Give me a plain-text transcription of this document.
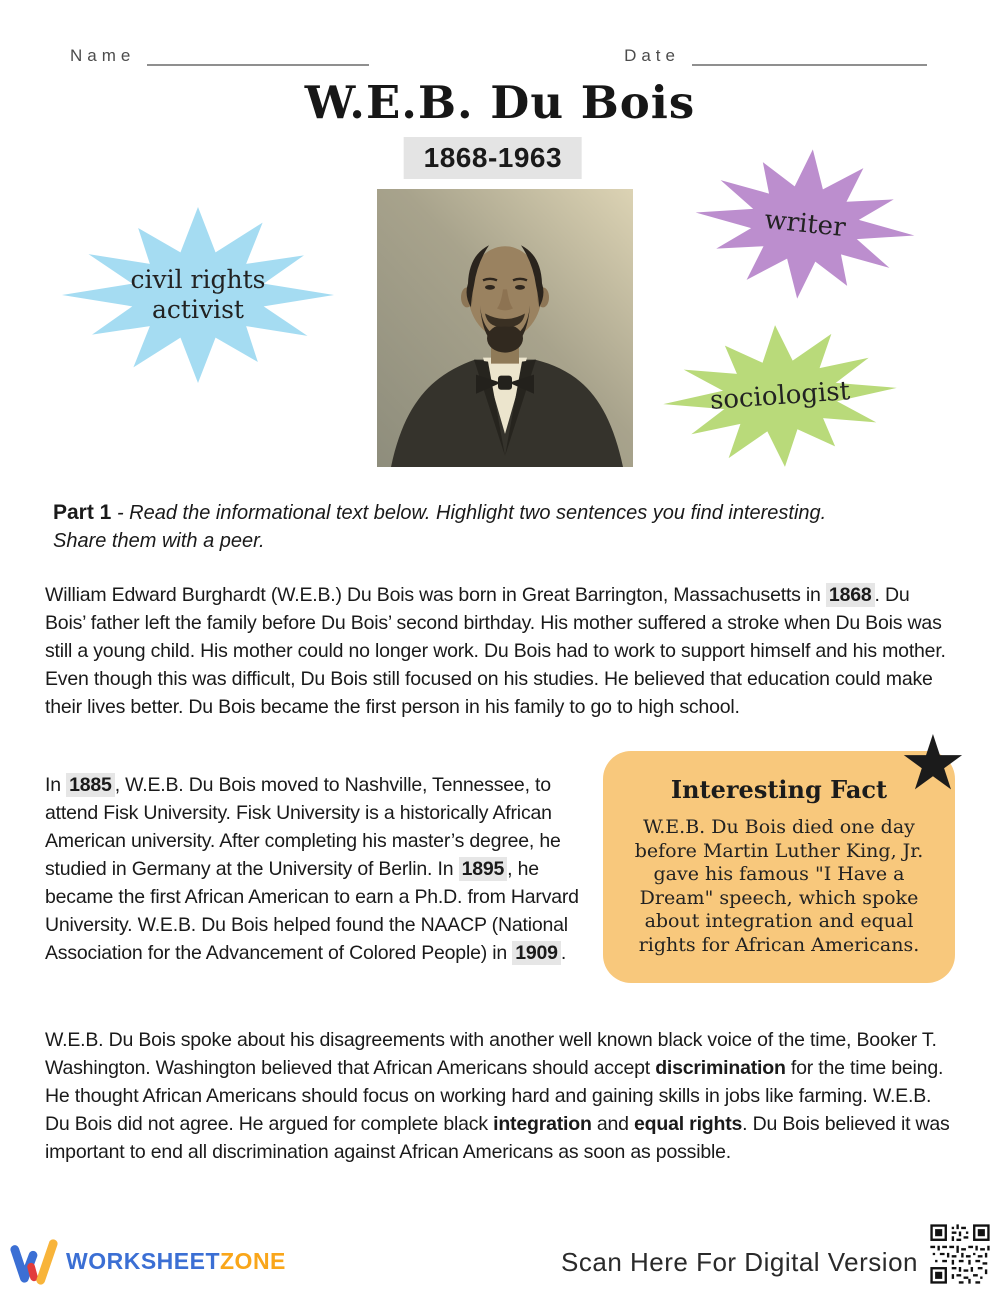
Name	Date
W.E.B. Du Bois
1868-1963
civil rights
activist
writer
sociologist
Part 1 - Read the informational text below. Highlight two sentences you find interesting.
Share them with a peer.

William Edward Burghardt (W.E.B.) Du Bois was born in Great Barrington, Massachusetts in 1868 . Du Bois’ father left the family before Du Bois’ second birthday. His mother suffered a stroke when Du Bois was still a young child. His mother could no longer work. Du Bois had to work to support himself and his mother. Even though this was difficult, Du Bois still focused on his studies. He believed that education could make their lives better. Du Bois became the first person in his family to go to high school.

In 1885 , W.E.B. Du Bois moved to Nashville, Tennessee, to attend Fisk University. Fisk University is a historically African American university. After completing his master’s degree, he studied in Germany at the University of Berlin. In 1895 , he became the first African American to earn a Ph.D. from Harvard University. W.E.B. Du Bois helped found the NAACP (National Association for the Advancement of Colored People) in 1909 .

★
Interesting Fact
W.E.B. Du Bois died one day before Martin Luther King, Jr. gave his famous "I Have a Dream" speech, which spoke about integration and equal rights for African Americans.

W.E.B. Du Bois spoke about his disagreements with another well known black voice of the time, Booker T. Washington. Washington believed that African Americans should accept discrimination for the time being. He thought African Americans should focus on working hard and gaining skills in jobs like farming. W.E.B. Du Bois did not agree. He argued for complete black integration and equal rights. Du Bois believed it was important to end all discrimination against African Americans as soon as possible.

WORKSHEETZONE	Scan Here For Digital Version
